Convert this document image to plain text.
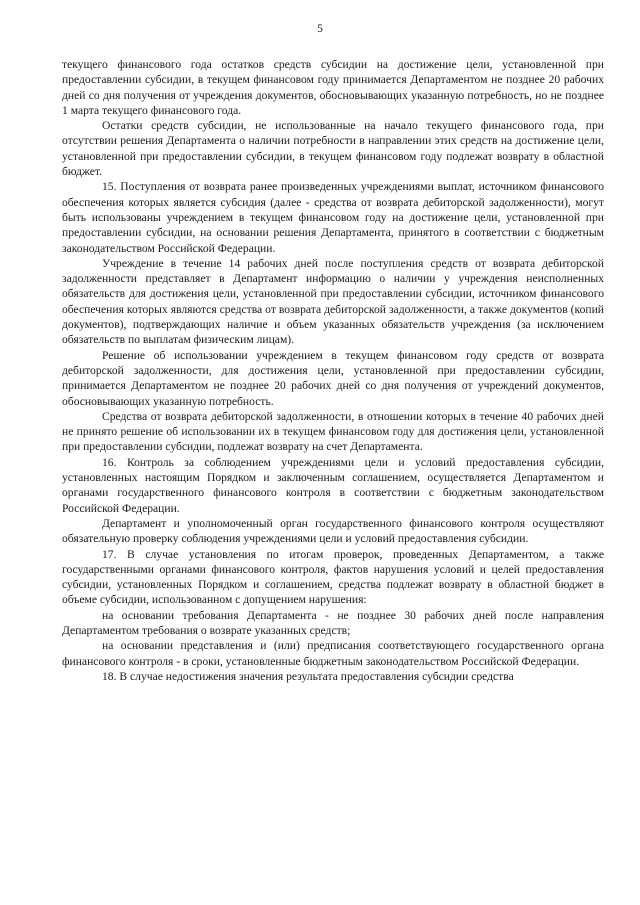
5

текущего финансового года остатков средств субсидии на достижение цели, установленной при предоставлении субсидии, в текущем финансовом году принимается Департаментом не позднее 20 рабочих дней со дня получения от учреждения документов, обосновывающих указанную потребность, но не позднее 1 марта текущего финансового года.

Остатки средств субсидии, не использованные на начало текущего финансового года, при отсутствии решения Департамента о наличии потребности в направлении этих средств на достижение цели, установленной при предоставлении субсидии, в текущем финансовом году подлежат возврату в областной бюджет.

15. Поступления от возврата ранее произведенных учреждениями выплат, источником финансового обеспечения которых является субсидия (далее - средства от возврата дебиторской задолженности), могут быть использованы учреждением в текущем финансовом году на достижение цели, установленной при предоставлении субсидии, на основании решения Департамента, принятого в соответствии с бюджетным законодательством Российской Федерации.

Учреждение в течение 14 рабочих дней после поступления средств от возврата дебиторской задолженности представляет в Департамент информацию о наличии у учреждения неисполненных обязательств для достижения цели, установленной при предоставлении субсидии, источником финансового обеспечения которых являются средства от возврата дебиторской задолженности, а также документов (копий документов), подтверждающих наличие и объем указанных обязательств учреждения (за исключением обязательств по выплатам физическим лицам).

Решение об использовании учреждением в текущем финансовом году средств от возврата дебиторской задолженности, для достижения цели, установленной при предоставлении субсидии, принимается Департаментом не позднее 20 рабочих дней со дня получения от учреждений документов, обосновывающих указанную потребность.

Средства от возврата дебиторской задолженности, в отношении которых в течение 40 рабочих дней не принято решение об использовании их в текущем финансовом году для достижения цели, установленной при предоставлении субсидии, подлежат возврату на счет Департамента.

16. Контроль за соблюдением учреждениями цели и условий предоставления субсидии, установленных настоящим Порядком и заключенным соглашением, осуществляется Департаментом и органами государственного финансового контроля в соответствии с бюджетным законодательством Российской Федерации.

Департамент и уполномоченный орган государственного финансового контроля осуществляют обязательную проверку соблюдения учреждениями цели и условий предоставления субсидии.

17. В случае установления по итогам проверок, проведенных Департаментом, а также государственными органами финансового контроля, фактов нарушения условий и целей предоставления субсидии, установленных Порядком и соглашением, средства подлежат возврату в областной бюджет в объеме субсидии, использованном с допущением нарушения:

на основании требования Департамента - не позднее 30 рабочих дней после направления Департаментом требования о возврате указанных средств;

на основании представления и (или) предписания соответствующего государственного органа финансового контроля - в сроки, установленные бюджетным законодательством Российской Федерации.

18. В случае недостижения значения результата предоставления субсидии средства
